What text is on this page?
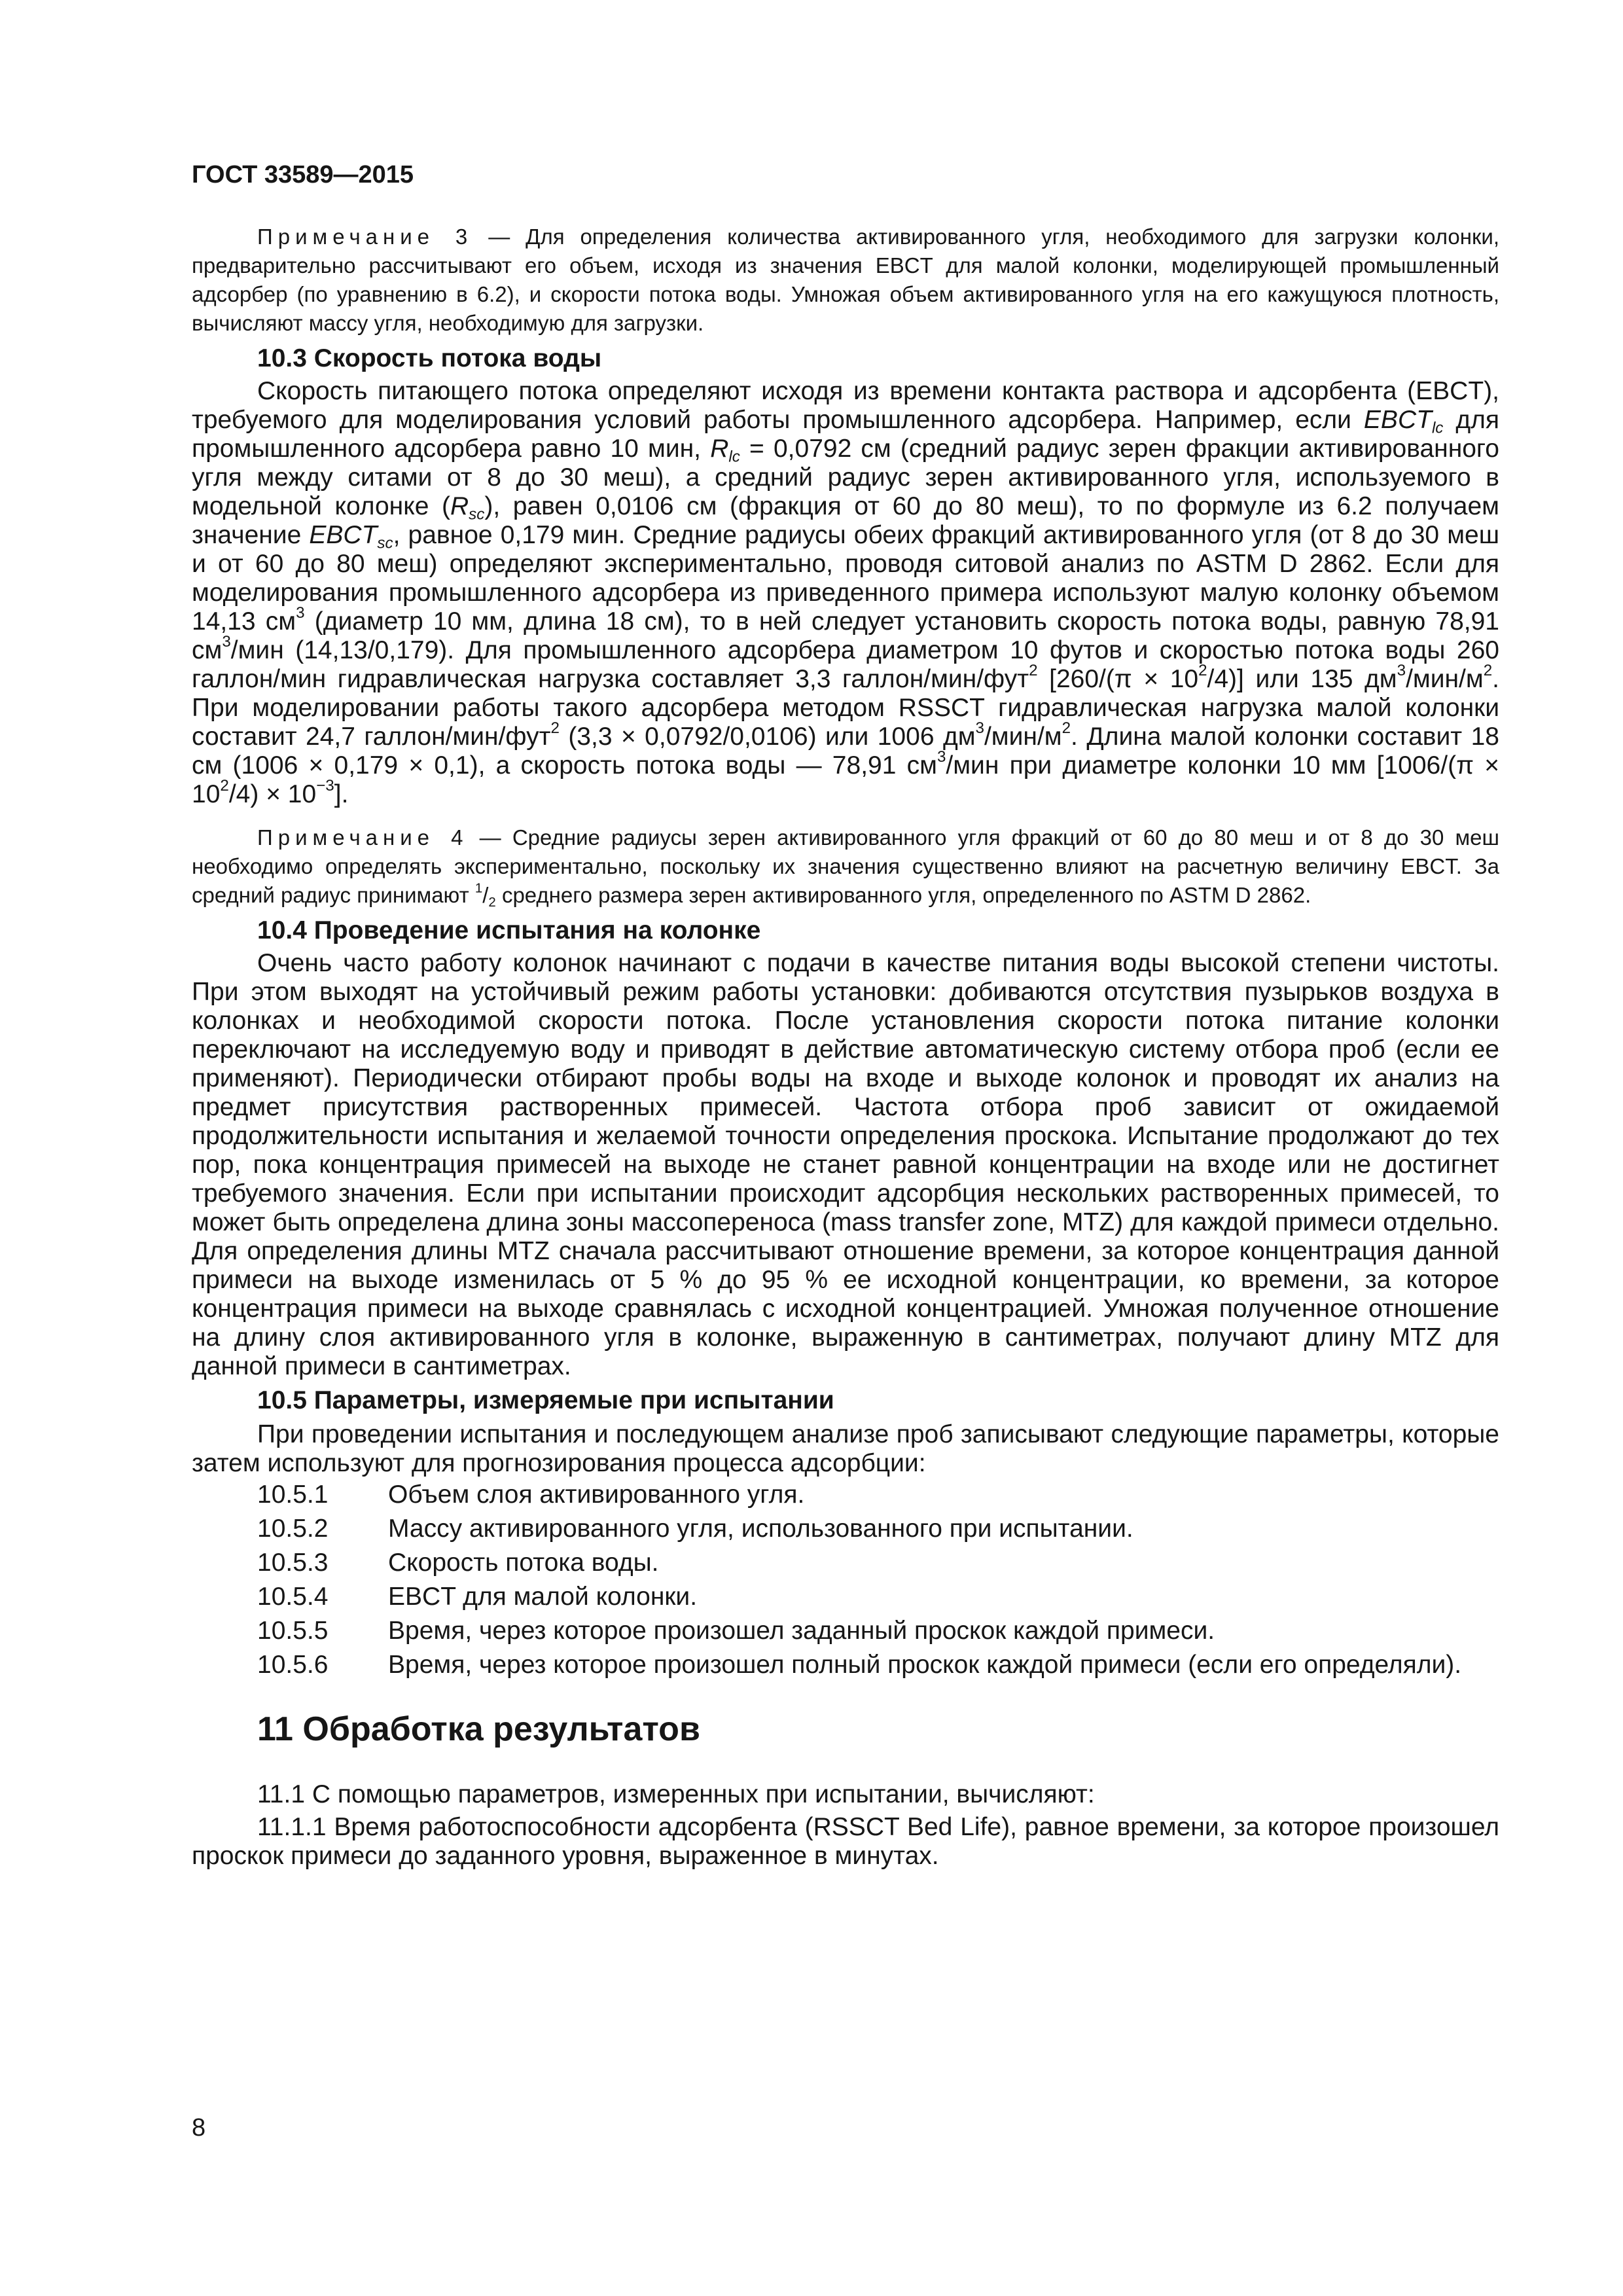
ГОСТ 33589—2015

Примечание 3 — Для определения количества активированного угля, необходимого для загрузки колонки, предварительно рассчитывают его объем, исходя из значения EBCT для малой колонки, моделирующей промышленный адсорбер (по уравнению в 6.2), и скорости потока воды. Умножая объем активированного угля на его кажущуюся плотность, вычисляют массу угля, необходимую для загрузки.

10.3 Скорость потока воды

Скорость питающего потока определяют исходя из времени контакта раствора и адсорбента (EBCT), требуемого для моделирования условий работы промышленного адсорбера. Например, если $EBCT_{lc}$ для промышленного адсорбера равно 10 мин, $R_{lc} = 0,0792$ см (средний радиус зерен фракции активированного угля между ситами от 8 до 30 меш), а средний радиус зерен активированного угля, используемого в модельной колонке $(R_{sc})$, равен 0,0106 см (фракция от 60 до 80 меш), то по формуле из 6.2 получаем значение $EBCT_{sc}$, равное 0,179 мин. Средние радиусы обеих фракций активированного угля (от 8 до 30 меш и от 60 до 80 меш) определяют экспериментально, проводя ситовой анализ по ASTM D 2862. Если для моделирования промышленного адсорбера из приведенного примера используют малую колонку объемом 14,13 $см^3$ (диаметр 10 мм, длина 18 см), то в ней следует установить скорость потока воды, равную 78,91 $см^3$/мин (14,13/0,179). Для промышленного адсорбера диаметром 10 футов и скоростью потока воды 260 галлон/мин гидравлическая нагрузка составляет 3,3 галлон/мин/фут$^2$ $[260/(\pi \times 10^2/4)]$ или 135 $дм^3/мин/м^2$. При моделировании работы такого адсорбера методом RSSCT гидравлическая нагрузка малой колонки составит 24,7 галлон/мин/фут$^2$ (3,3 × 0,0792/0,0106) или 1006 $дм^3/мин/м^2$. Длина малой колонки составит 18 см (1006 × 0,179 × 0,1), а скорость потока воды — 78,91 $см^3$/мин при диаметре колонки 10 мм $[1006/(\pi \times 10^2/4) \times 10^{-3}]$.

Примечание 4 — Средние радиусы зерен активированного угля фракций от 60 до 80 меш и от 8 до 30 меш необходимо определять экспериментально, поскольку их значения существенно влияют на расчетную величину EBCT. За средний радиус принимают $^1/_2$ среднего размера зерен активированного угля, определенного по ASTM D 2862.

10.4 Проведение испытания на колонке

Очень часто работу колонок начинают с подачи в качестве питания воды высокой степени чистоты. При этом выходят на устойчивый режим работы установки: добиваются отсутствия пузырьков воздуха в колонках и необходимой скорости потока. После установления скорости потока питание колонки переключают на исследуемую воду и приводят в действие автоматическую систему отбора проб (если ее применяют). Периодически отбирают пробы воды на входе и выходе колонок и проводят их анализ на предмет присутствия растворенных примесей. Частота отбора проб зависит от ожидаемой продолжительности испытания и желаемой точности определения проскока. Испытание продолжают до тех пор, пока концентрация примесей на выходе не станет равной концентрации на входе или не достигнет требуемого значения. Если при испытании происходит адсорбция нескольких растворенных примесей, то может быть определена длина зоны массопереноса (mass transfer zone, MTZ) для каждой примеси отдельно. Для определения длины MTZ сначала рассчитывают отношение времени, за которое концентрация данной примеси на выходе изменилась от 5 % до 95 % ее исходной концентрации, ко времени, за которое концентрация примеси на выходе сравнялась с исходной концентрацией. Умножая полученное отношение на длину слоя активированного угля в колонке, выраженную в сантиметрах, получают длину MTZ для данной примеси в сантиметрах.

10.5 Параметры, измеряемые при испытании

При проведении испытания и последующем анализе проб записывают следующие параметры, которые затем используют для прогнозирования процесса адсорбции:

10.5.1 Объем слоя активированного угля.

10.5.2 Массу активированного угля, использованного при испытании.

10.5.3 Скорость потока воды.

10.5.4 EBCT для малой колонки.

10.5.5 Время, через которое произошел заданный проскок каждой примеси.

10.5.6 Время, через которое произошел полный проскок каждой примеси (если его определяли).

11 Обработка результатов

11.1 С помощью параметров, измеренных при испытании, вычисляют:

11.1.1 Время работоспособности адсорбента (RSSCT Bed Life), равное времени, за которое произошел проскок примеси до заданного уровня, выраженное в минутах.

8
